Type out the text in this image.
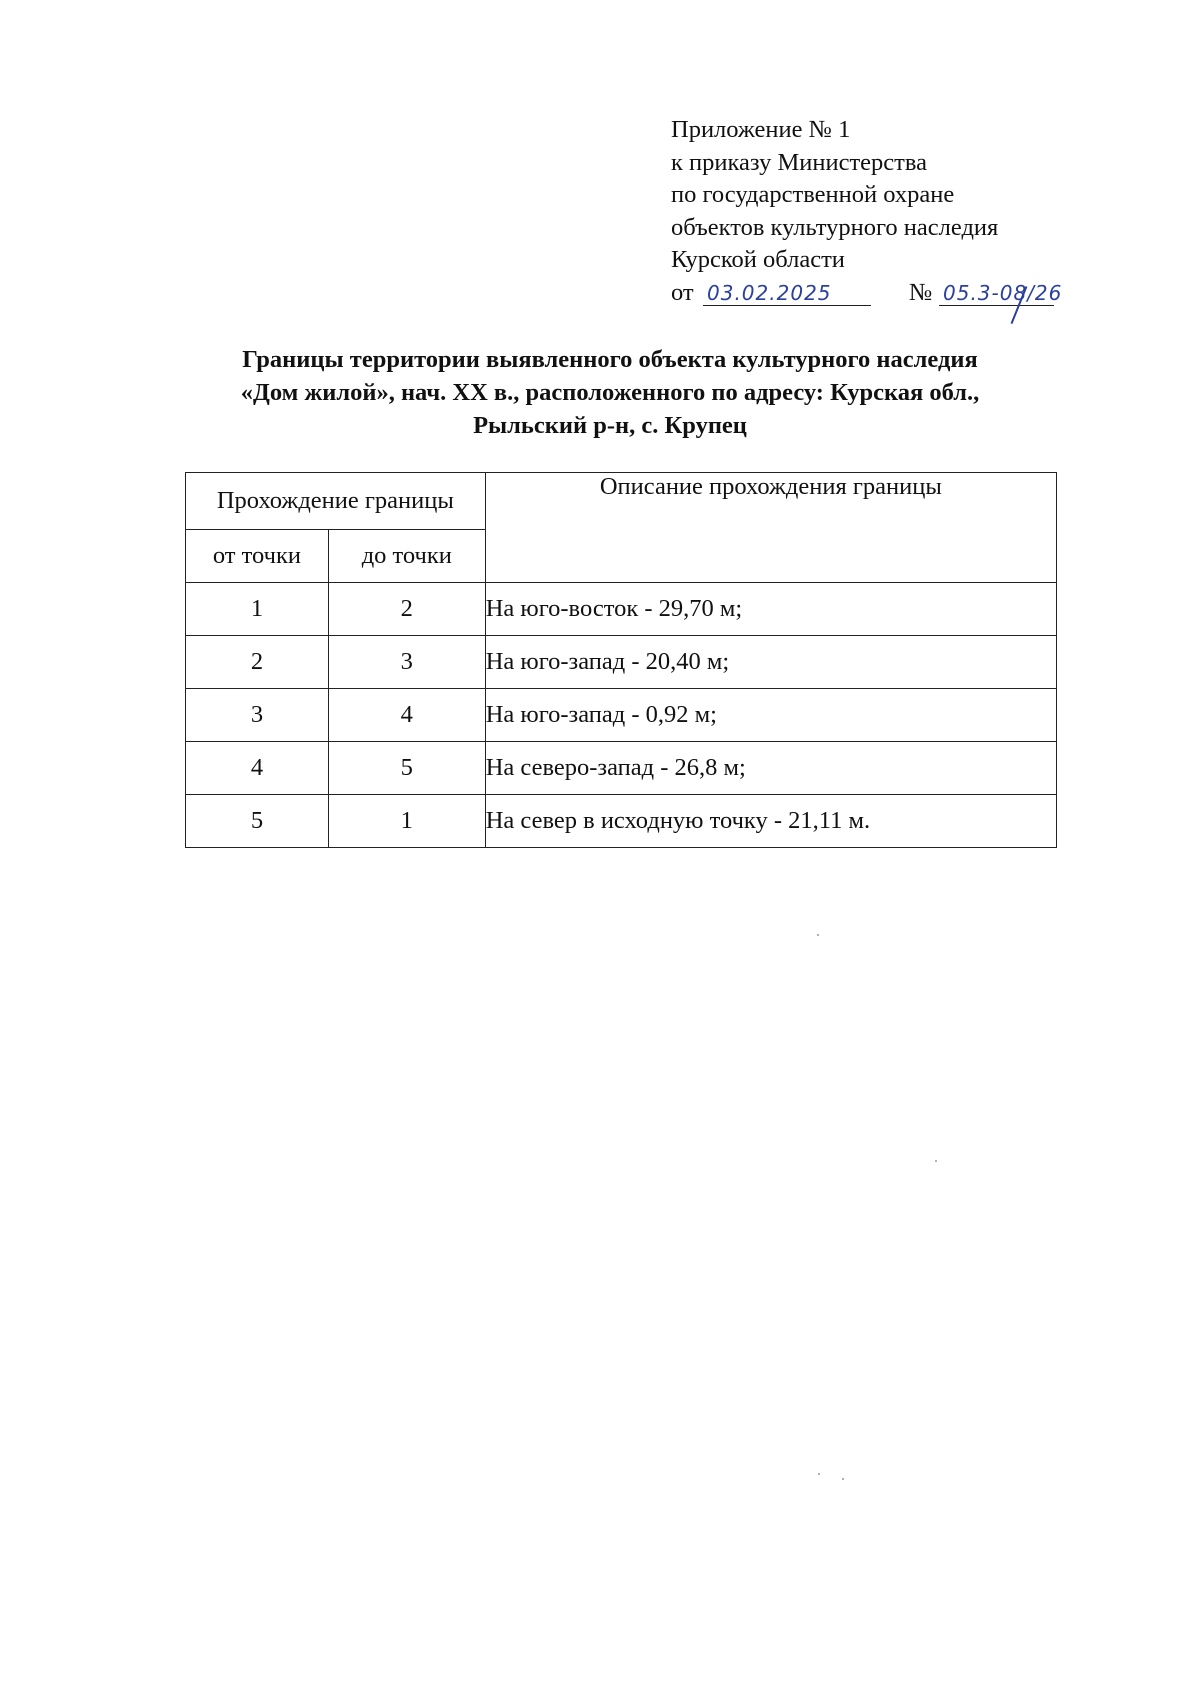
Приложение № 1
к приказу Министерства
по государственной охране
объектов культурного наследия
Курской области
от 03.02.2025	№ 05.3-08/26
Границы территории выявленного объекта культурного наследия
«Дом жилой», нач. XX в., расположенного по адресу: Курская обл.,
Рыльский р-н, с. Крупец
Прохождение границы		Описание прохождения границы
от точки	до точки	
1	2	На юго-восток - 29,70 м;
2	3	На юго-запад - 20,40 м;
3	4	На юго-запад - 0,92 м;
4	5	На северо-запад - 26,8 м;
5	1	На север в исходную точку - 21,11 м.
